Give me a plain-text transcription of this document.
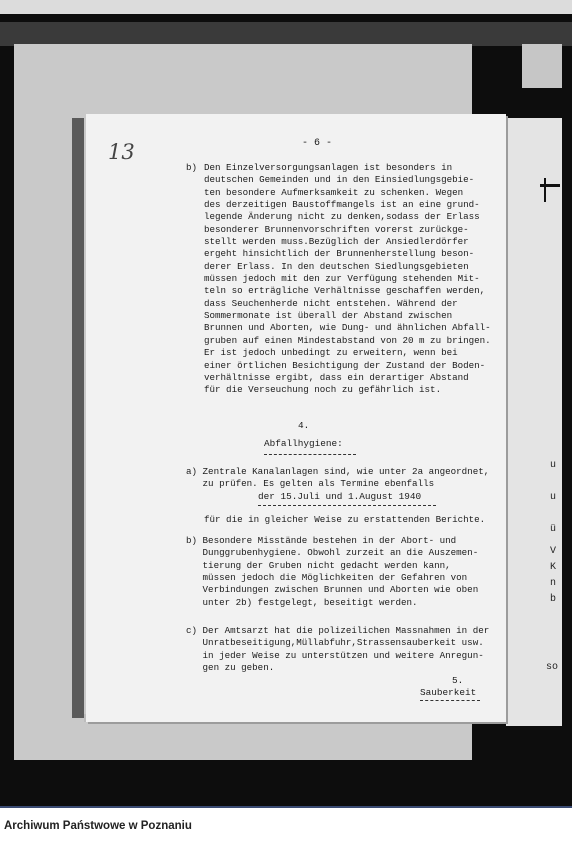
u
u
ü
V
K
n
b
so
13	- 6 -
b) Den Einzelversorgungsanlagen ist besonders in
deutschen Gemeinden und in den Einsiedlungsgebie-
ten besondere Aufmerksamkeit zu schenken. Wegen
des derzeitigen Baustoffmangels ist an eine grund-
legende Änderung nicht zu denken,sodass der Erlass
besonderer Brunnenvorschriften vorerst zurückge-
stellt werden muss.Bezüglich der Ansiedlerdörfer
ergeht hinsichtlich der Brunnenherstellung beson-
derer Erlass. In den deutschen Siedlungsgebieten
müssen jedoch mit den zur Verfügung stehenden Mit-
teln so erträgliche Verhältnisse geschaffen werden,
dass Seuchenherde nicht entstehen. Während der
Sommermonate ist überall der Abstand zwischen
Brunnen und Aborten, wie Dung- und ähnlichen Abfall-
gruben auf einen Mindestabstand von 20 m zu bringen.
Er ist jedoch unbedingt zu erweitern, wenn bei
einer örtlichen Besichtigung der Zustand der Boden-
verhältnisse ergibt, dass ein derartiger Abstand
für die Verseuchung noch zu gefährlich ist.
4.
Abfallhygiene:
a) Zentrale Kanalanlagen sind, wie unter 2a angeordnet,
zu prüfen. Es gelten als Termine ebenfalls
der 15.Juli und 1.August 1940
für die in gleicher Weise zu erstattenden Berichte.
b) Besondere Misstände bestehen in der Abort- und
Dunggrubenhygiene. Obwohl zurzeit an die Auszemen-
tierung der Gruben nicht gedacht werden kann,
müssen jedoch die Möglichkeiten der Gefahren von
Verbindungen zwischen Brunnen und Aborten wie oben
unter 2b) festgelegt, beseitigt werden.
c) Der Amtsarzt hat die polizeilichen Massnahmen in der
Unratbeseitigung,Müllabfuhr,Strassensauberkeit usw.
in jeder Weise zu unterstützen und weitere Anregun-
gen zu geben.
5.
Sauberkeit
Archiwum Państwowe w Poznaniu
